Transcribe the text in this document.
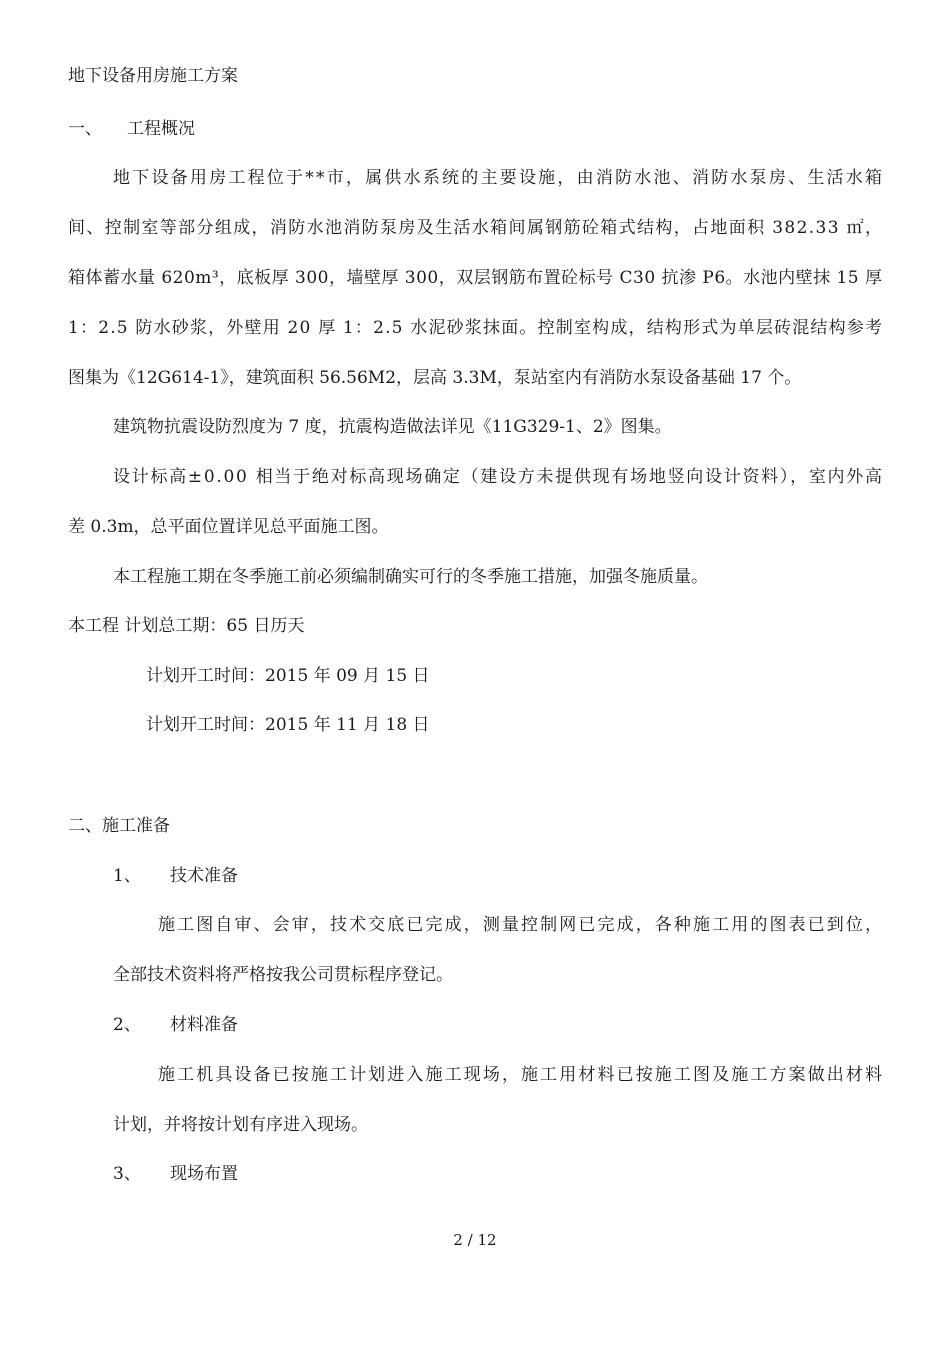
地下设备用房施工方案
一、 工程概况
地下设备用房工程位于**市，属供水系统的主要设施，由消防水池、消防水泵房、生活水箱
间、控制室等部分组成，消防水池消防泵房及生活水箱间属钢筋砼箱式结构，占地面积 382.33 ㎡，
箱体蓄水量 620m³，底板厚 300，墙壁厚 300，双层钢筋布置砼标号 C30 抗渗 P6。水池内壁抹 15 厚
1：2.5 防水砂浆，外壁用 20 厚 1：2.5 水泥砂浆抹面。控制室构成，结构形式为单层砖混结构参考
图集为《12G614-1》，建筑面积 56.56M2，层高 3.3M，泵站室内有消防水泵设备基础 17 个。
建筑物抗震设防烈度为 7 度，抗震构造做法详见《11G329-1、2》图集。
设计标高±0.00 相当于绝对标高现场确定（建设方未提供现有场地竖向设计资料），室内外高
差 0.3m，总平面位置详见总平面施工图。
本工程施工期在冬季施工前必须编制确实可行的冬季施工措施，加强冬施质量。
本工程 计划总工期：65 日历天
计划开工时间：2015 年 09 月 15 日
计划开工时间：2015 年 11 月 18 日
二、施工准备
1、 技术准备
施工图自审、会审，技术交底已完成，测量控制网已完成，各种施工用的图表已到位，
全部技术资料将严格按我公司贯标程序登记。
2、 材料准备
施工机具设备已按施工计划进入施工现场，施工用材料已按施工图及施工方案做出材料
计划，并将按计划有序进入现场。
3、 现场布置
2 / 12
